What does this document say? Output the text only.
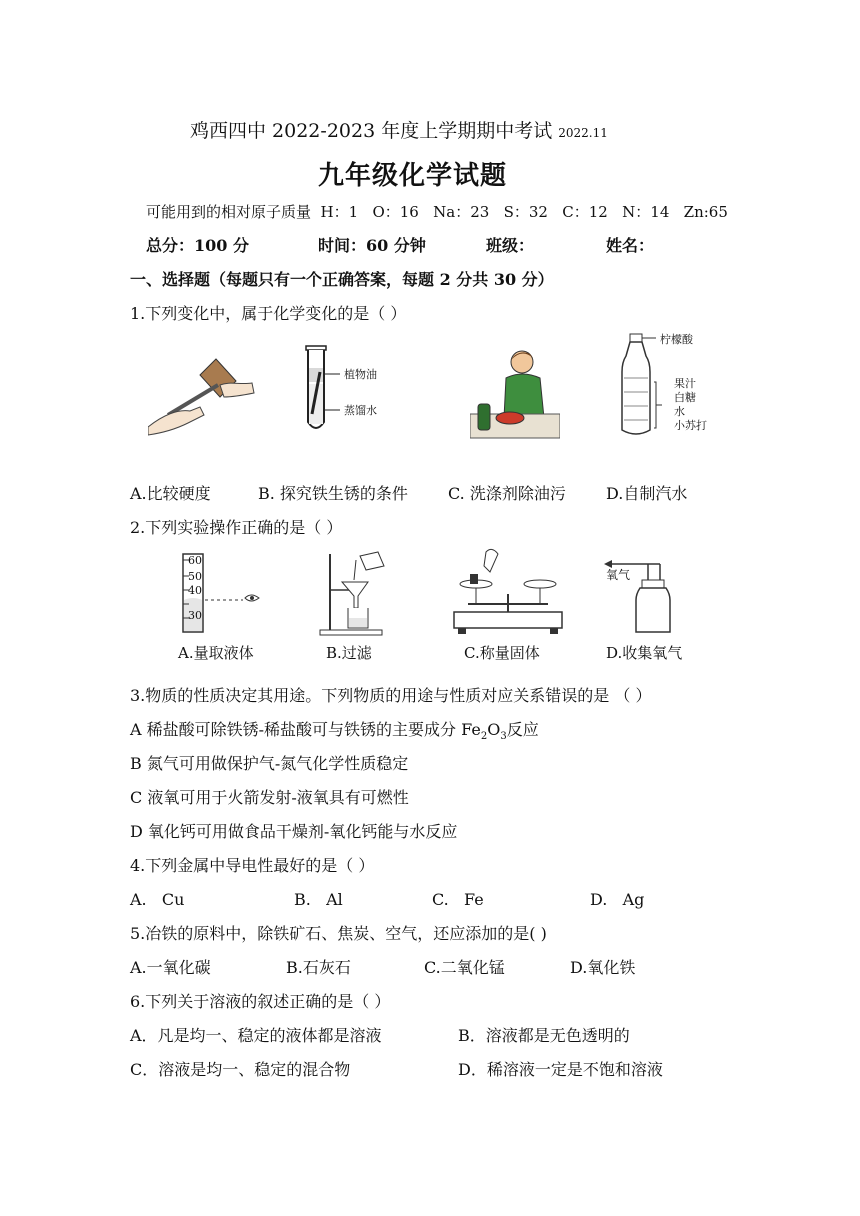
鸡西四中 2022-2023 年度上学期期中考试 2022.11
九年级化学试题
可能用到的相对原子质量  H：1   O：16   Na：23   S：32   C：12   N：14   Zn:65
总分：100 分	时间：60 分钟	班级：	姓名：
一、选择题（每题只有一个正确答案，每题 2 分共 30 分）
1.下列变化中，属于化学变化的是（ ）
植物油
蒸馏水
柠檬酸
果汁
白糖
水
小苏打
A.比较硬度	B. 探究铁生锈的条件	C. 洗涤剂除油污	D.自制汽水
2.下列实验操作正确的是（ ）
60
50
40
30
氧气
A.量取液体	B.过滤	C.称量固体	D.收集氧气
3.物质的性质决定其用途。下列物质的用途与性质对应关系错误的是 （ ）
A 稀盐酸可除铁锈-稀盐酸可与铁锈的主要成分 $Fe_2O_3$反应
B 氮气可用做保护气-氮气化学性质稳定
C 液氧可用于火箭发射-液氧具有可燃性
D 氧化钙可用做食品干燥剂-氧化钙能与水反应
4.下列金属中导电性最好的是（ ）
A.   Cu	B.   Al	C.   Fe	D.   Ag
5.冶铁的原料中，除铁矿石、焦炭、空气，还应添加的是( )
A.一氧化碳	B.石灰石	C.二氧化锰	D.氧化铁
6.下列关于溶液的叙述正确的是（ ）
A．凡是均一、稳定的液体都是溶液	B．溶液都是无色透明的
C．溶液是均一、稳定的混合物	D．稀溶液一定是不饱和溶液
